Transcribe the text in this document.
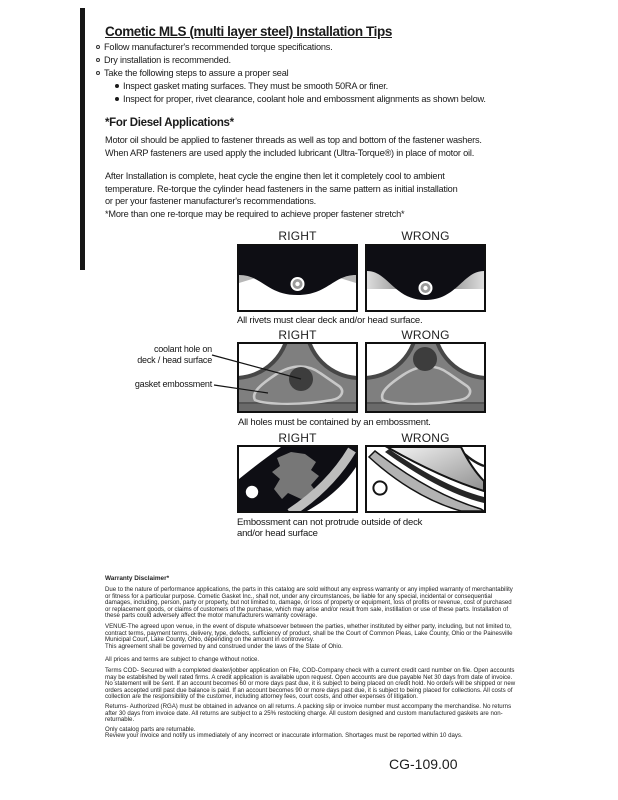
Cometic MLS (multi layer steel) Installation Tips
Follow manufacturer's recommended torque specifications.
Dry installation is recommended.
Take the following steps to assure a proper seal
Inspect gasket mating surfaces. They must be smooth 50RA or finer.
Inspect for proper, rivet clearance, coolant hole and embossment alignments as shown below.
*For Diesel Applications*
Motor oil should be applied to fastener threads as well as top and bottom of the fastener washers.
When ARP fasteners are used apply the included lubricant (Ultra-Torque®) in place of motor oil.
After Installation is complete, heat cycle the engine then let it completely cool to ambient
temperature. Re-torque the cylinder head fasteners in the same pattern as initial installation
or per your fastener manufacturer's recommendations.
*More than one re-torque may be required to achieve proper fastener stretch*
RIGHT	WRONG
All rivets must clear deck and/or head surface.
RIGHT	WRONG
coolant hole on
deck / head surface
gasket embossment
All holes must be contained by an embossment.
RIGHT	WRONG
Embossment can not protrude outside of deck
and/or head surface
Warranty Disclaimer*
Due to the nature of performance applications, the parts in this catalog are sold without any express warranty or any implied warranty of merchantability or fitness for a particular purpose. Cometic Gasket Inc., shall not, under any circumstances, be liable for any special, incidental or consequential damages, including, person, party or property, but not limited to, damage, or loss of property or equipment, loss of profits or revenue, cost of purchased or replacement goods, or claims of customers of the purchase, which may arise and/or result from sale, instillation or use of these parts. Installation of these parts could adversely affect the motor manufacturers warranty coverage.
VENUE-The agreed upon venue, in the event of dispute whatsoever between the parties, whether instituted by either party, including, but not limited to, contract terms, payment terms, delivery, type, defects, sufficiency of product, shall be the Court of Common Pleas, Lake County, Ohio or the Painesville Municipal Court, Lake County, Ohio, depending on the amount in controversy.
This agreement shall be governed by and construed under the laws of the State of Ohio.
All prices and terms are subject to change without notice.
Terms COD- Secured with a completed dealer/jobber application on File, COD-Company check with a current credit card number on file. Open accounts may be established by well rated firms. A credit application is available upon request. Open accounts are due payable Net 30 days from date of invoice. No statement will be sent. If an account becomes 60 or more days past due, it is subject to being placed on credit hold. No orders will be shipped or new orders accepted until past due balance is paid. If an account becomes 90 or more days past due, it is subject to being placed for collections. All costs of collection are the responsibility of the customer, including attorney fees, court costs, and other expenses of litigation.
Returns- Authorized (RGA) must be obtained in advance on all returns. A packing slip or invoice number must accompany the merchandise. No returns after 30 days from invoice date. All returns are subject to a 25% restocking charge. All custom designed and custom manufactured gaskets are non-returnable.
Only catalog parts are returnable.
Review your invoice and notify us immediately of any incorrect or inaccurate information. Shortages must be reported within 10 days.
CG-109.00
